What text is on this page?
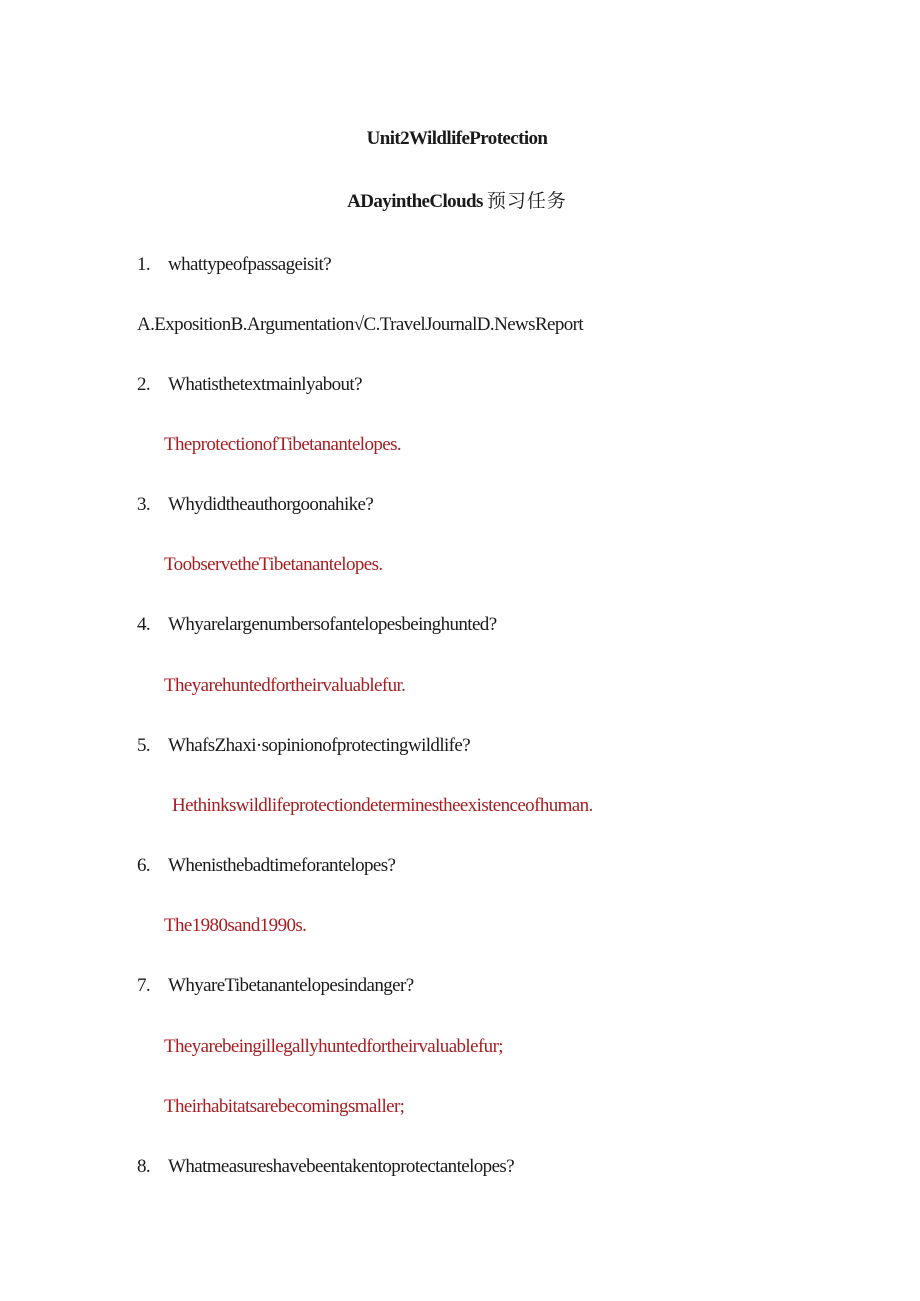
Unit2WildlifeProtection
ADayintheClouds 预习任务
1. whattypeofpassageisit?
A.ExpositionB.Argumentation√C.TravelJournalD.NewsReport
2. Whatisthetextmainlyabout?
TheprotectionofTibetanantelopes.
3. Whydidtheauthorgoonahike?
ToobservetheTibetanantelopes.
4. Whyarelargenumbersofantelopesbeinghunted?
Theyarehuntedfortheirvaluablefur.
5. WhafsZhaxi·sopinionofprotectingwildlife?
Hethinkswildlifeprotectiondeterminestheexistenceofhuman.
6. Whenisthebadtimeforantelopes?
The1980sand1990s.
7. WhyareTibetanantelopesindanger?
Theyarebeingillegallyhuntedfortheirvaluablefur;
Theirhabitatsarebecomingsmaller;
8. Whatmeasureshavebeentakentoprotectantelopes?
